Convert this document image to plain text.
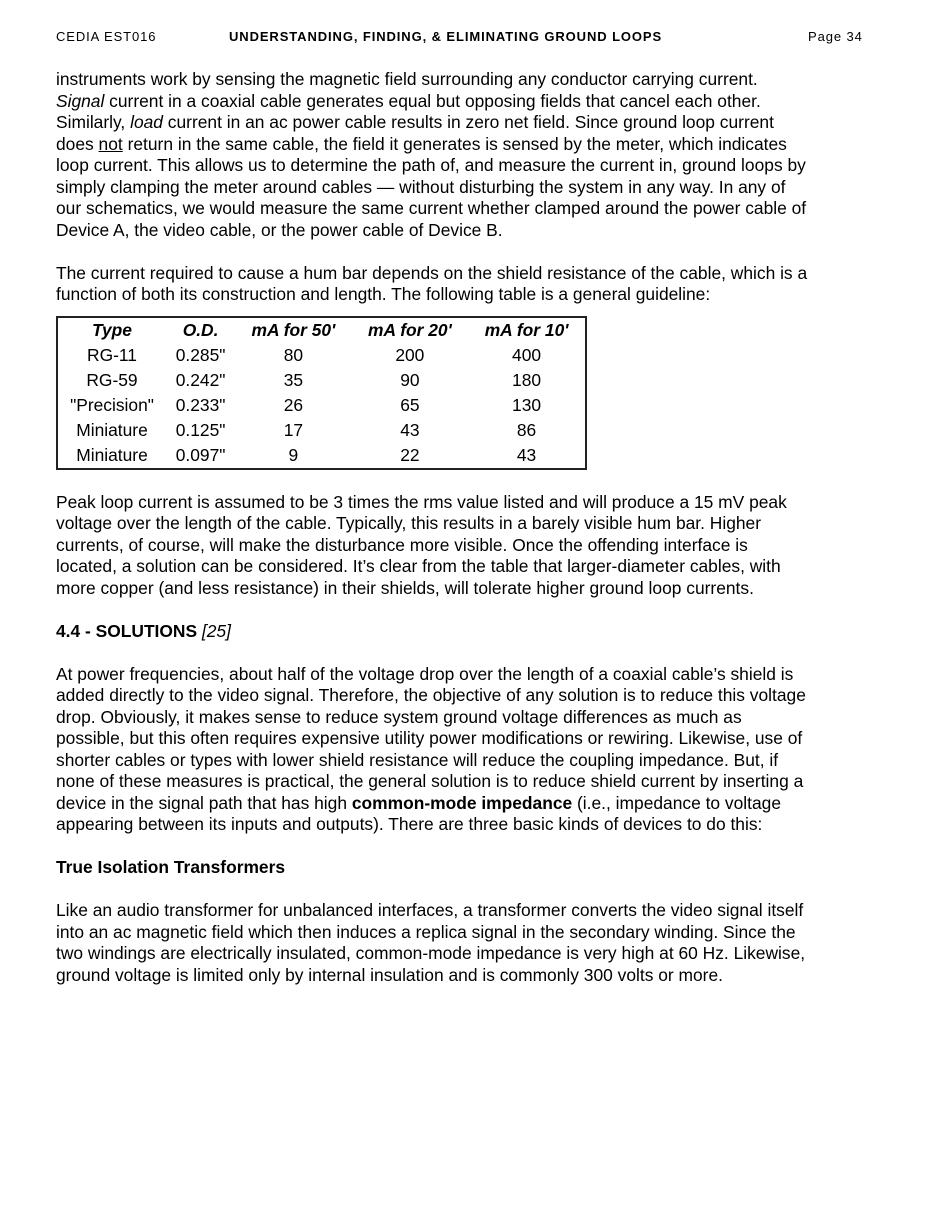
CEDIA EST016	UNDERSTANDING, FINDING, & ELIMINATING GROUND LOOPS	Page 34
instruments work by sensing the magnetic field surrounding any conductor carrying current.
Signal current in a coaxial cable generates equal but opposing fields that cancel each other.
Similarly, load current in an ac power cable results in zero net field. Since ground loop current
does not return in the same cable, the field it generates is sensed by the meter, which indicates
loop current. This allows us to determine the path of, and measure the current in, ground loops by
simply clamping the meter around cables — without disturbing the system in any way. In any of
our schematics, we would measure the same current whether clamped around the power cable of
Device A, the video cable, or the power cable of Device B.
The current required to cause a hum bar depends on the shield resistance of the cable, which is a
function of both its construction and length. The following table is a general guideline:
Type	O.D.	mA for 50'	mA for 20'	mA for 10'
RG-11	0.285"	80	200	400
RG-59	0.242"	35	90	180
"Precision"	0.233"	26	65	130
Miniature	0.125"	17	43	86
Miniature	0.097"	9	22	43
Peak loop current is assumed to be 3 times the rms value listed and will produce a 15 mV peak
voltage over the length of the cable. Typically, this results in a barely visible hum bar. Higher
currents, of course, will make the disturbance more visible. Once the offending interface is
located, a solution can be considered. It’s clear from the table that larger-diameter cables, with
more copper (and less resistance) in their shields, will tolerate higher ground loop currents.
4.4 - SOLUTIONS [25]
At power frequencies, about half of the voltage drop over the length of a coaxial cable’s shield is
added directly to the video signal. Therefore, the objective of any solution is to reduce this voltage
drop. Obviously, it makes sense to reduce system ground voltage differences as much as
possible, but this often requires expensive utility power modifications or rewiring. Likewise, use of
shorter cables or types with lower shield resistance will reduce the coupling impedance. But, if
none of these measures is practical, the general solution is to reduce shield current by inserting a
device in the signal path that has high common-mode impedance (i.e., impedance to voltage
appearing between its inputs and outputs). There are three basic kinds of devices to do this:
True Isolation Transformers
Like an audio transformer for unbalanced interfaces, a transformer converts the video signal itself
into an ac magnetic field which then induces a replica signal in the secondary winding. Since the
two windings are electrically insulated, common-mode impedance is very high at 60 Hz. Likewise,
ground voltage is limited only by internal insulation and is commonly 300 volts or more.
